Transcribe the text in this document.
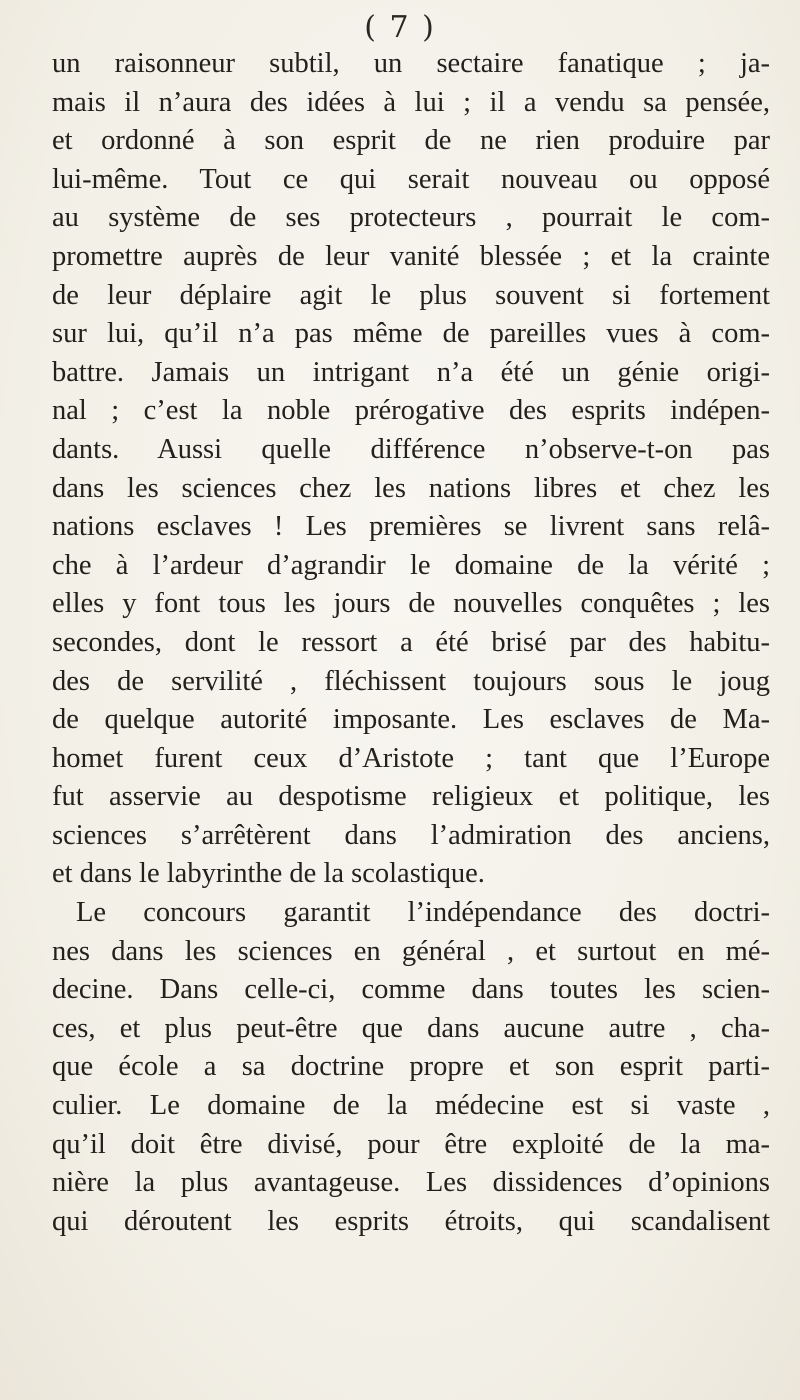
( 7 )
un raisonneur subtil, un sectaire fanatique ; ja-
mais il n’aura des idées à lui ; il a vendu sa pensée,
et ordonné à son esprit de ne rien produire par
lui-même. Tout ce qui serait nouveau ou opposé
au système de ses protecteurs , pourrait le com-
promettre auprès de leur vanité blessée ; et la crainte
de leur déplaire agit le plus souvent si fortement
sur lui, qu’il n’a pas même de pareilles vues à com-
battre. Jamais un intrigant n’a été un génie origi-
nal ; c’est la noble prérogative des esprits indépen-
dants. Aussi quelle différence n’observe-t-on pas
dans les sciences chez les nations libres et chez les
nations esclaves ! Les premières se livrent sans relâ-
che à l’ardeur d’agrandir le domaine de la vérité ;
elles y font tous les jours de nouvelles conquêtes ; les
secondes, dont le ressort a été brisé par des habitu-
des de servilité , fléchissent toujours sous le joug
de quelque autorité imposante. Les esclaves de Ma-
homet furent ceux d’Aristote ; tant que l’Europe
fut asservie au despotisme religieux et politique, les
sciences s’arrêtèrent dans l’admiration des anciens,
et dans le labyrinthe de la scolastique.
Le concours garantit l’indépendance des doctri-
nes dans les sciences en général , et surtout en mé-
decine. Dans celle-ci, comme dans toutes les scien-
ces, et plus peut-être que dans aucune autre , cha-
que école a sa doctrine propre et son esprit parti-
culier. Le domaine de la médecine est si vaste ,
qu’il doit être divisé, pour être exploité de la ma-
nière la plus avantageuse. Les dissidences d’opinions
qui déroutent les esprits étroits, qui scandalisent
